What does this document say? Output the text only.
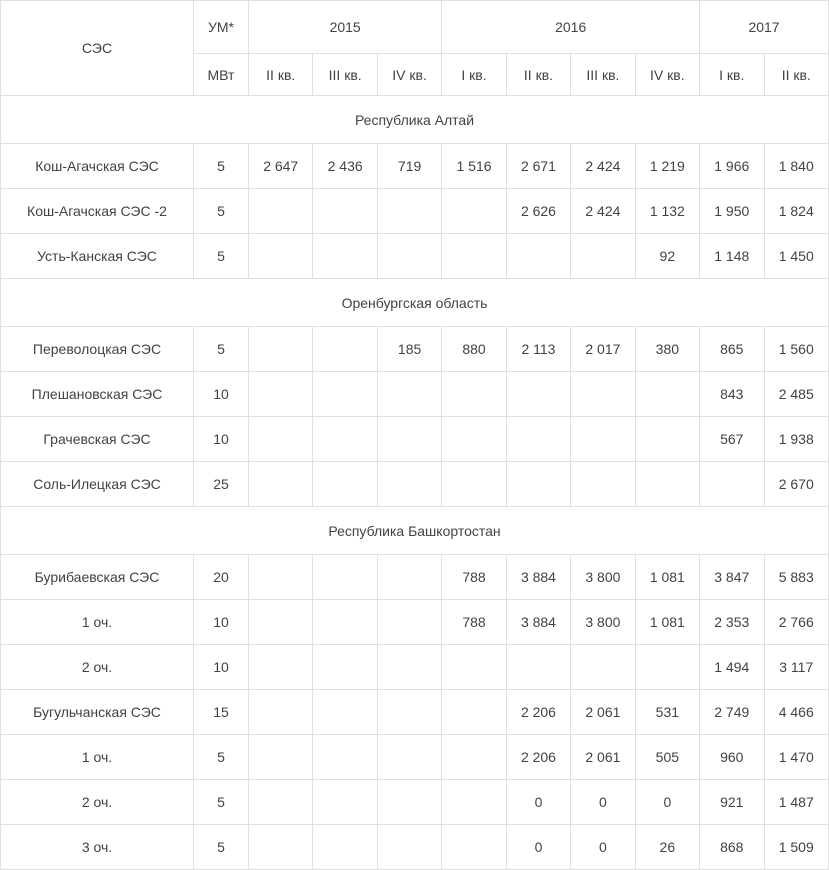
СЭС	УМ*	2015			2016				2017	
	МВт	II кв.	III кв.	IV кв.	I кв.	II кв.	III кв.	IV кв.	I кв.	II кв.
Республика Алтай										
Кош-Агачская СЭС	5	2 647	2 436	719	1 516	2 671	2 424	1 219	1 966	1 840
Кош-Агачская СЭС -2	5					2 626	2 424	1 132	1 950	1 824
Усть-Канская СЭС	5							92	1 148	1 450
Оренбургская область										
Переволоцкая СЭС	5			185	880	2 113	2 017	380	865	1 560
Плешановская СЭС	10								843	2 485
Грачевская СЭС	10								567	1 938
Соль-Илецкая СЭС	25									2 670
Республика Башкортостан										
Бурибаевская СЭС	20				788	3 884	3 800	1 081	3 847	5 883
1 оч.	10				788	3 884	3 800	1 081	2 353	2 766
2 оч.	10								1 494	3 117
Бугульчанская СЭС	15					2 206	2 061	531	2 749	4 466
1 оч.	5					2 206	2 061	505	960	1 470
2 оч.	5					0	0	0	921	1 487
3 оч.	5					0	0	26	868	1 509
